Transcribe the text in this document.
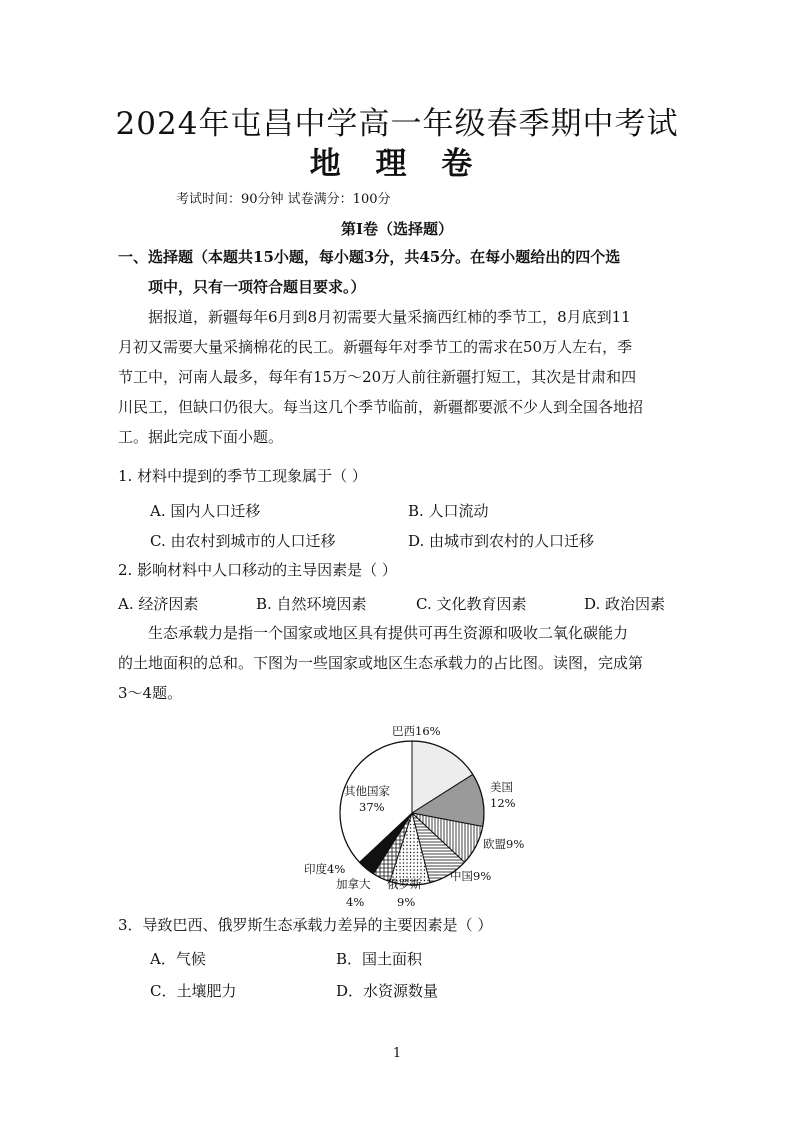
2024年屯昌中学高一年级春季期中考试
地 理 卷
考试时间：90分钟 试卷满分：100分
第Ⅰ卷（选择题）
一、选择题（本题共15小题，每小题3分，共45分。在每小题给出的四个选
项中，只有一项符合题目要求。）
据报道，新疆每年6月到8月初需要大量采摘西红柿的季节工，8月底到11
月初又需要大量采摘棉花的民工。新疆每年对季节工的需求在50万人左右，季
节工中，河南人最多，每年有15万～20万人前往新疆打短工，其次是甘肃和四
川民工，但缺口仍很大。每当这几个季节临前，新疆都要派不少人到全国各地招
工。据此完成下面小题。
1. 材料中提到的季节工现象属于（ ）
A. 国内人口迁移	B. 人口流动
C. 由农村到城市的人口迁移	D. 由城市到农村的人口迁移
2. 影响材料中人口移动的主导因素是（ ）
A. 经济因素	B. 自然环境因素	C. 文化教育因素	D. 政治因素
生态承载力是指一个国家或地区具有提供可再生资源和吸收二氧化碳能力
的土地面积的总和。下图为一些国家或地区生态承载力的占比图。读图，完成第
3～4题。
巴西16%
美国
12%
欧盟9%
中国9%
俄罗斯
9%
加拿大
4%
印度4%
其他国家
37%
3．导致巴西、俄罗斯生态承载力差异的主要因素是（ ）
A．气候	B．国土面积
C．土壤肥力	D．水资源数量
1
